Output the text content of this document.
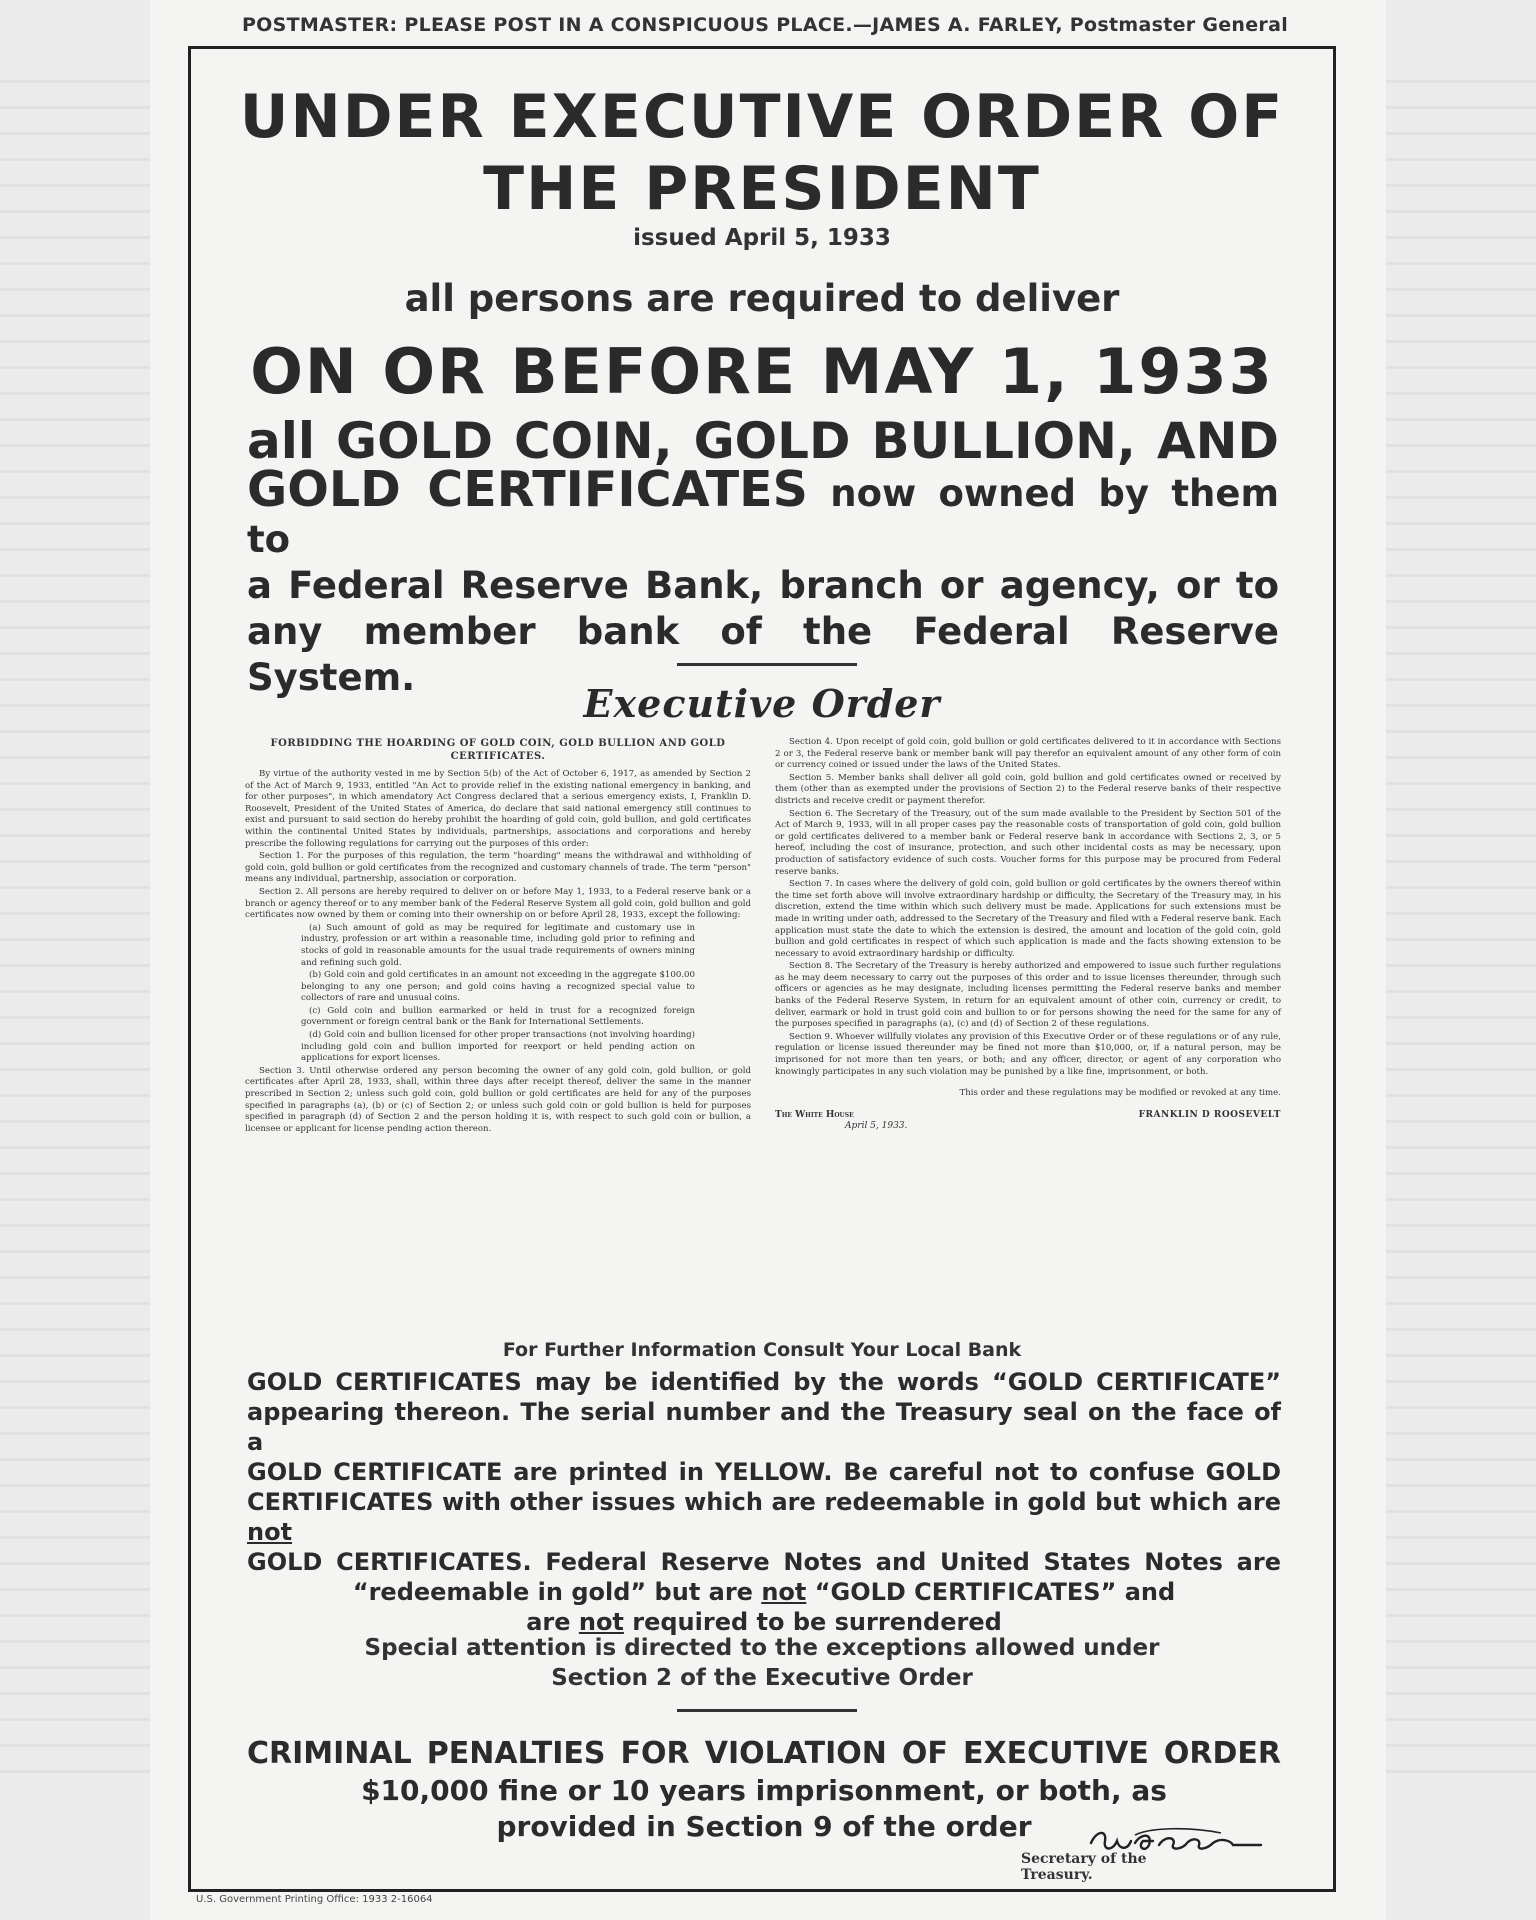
POSTMASTER: PLEASE POST IN A CONSPICUOUS PLACE.—JAMES A. FARLEY, Postmaster General
UNDER EXECUTIVE ORDER OF
THE PRESIDENT
issued April 5, 1933
all persons are required to deliver
ON OR BEFORE MAY 1, 1933
all GOLD COIN, GOLD BULLION, AND
GOLD CERTIFICATES now owned by them to
a Federal Reserve Bank, branch or agency, or to
any member bank of the Federal Reserve System.
Executive Order

FORBIDDING THE HOARDING OF GOLD COIN, GOLD BULLION AND GOLD CERTIFICATES.

By virtue of the authority vested in me by Section 5(b) of the Act of October 6, 1917, as amended by Section 2 of the Act of March 9, 1933, entitled "An Act to provide relief in the existing national emergency in banking, and for other purposes", in which amendatory Act Congress declared that a serious emergency exists, I, Franklin D. Roosevelt, President of the United States of America, do declare that said national emergency still continues to exist and pursuant to said section do hereby prohibit the hoarding of gold coin, gold bullion, and gold certificates within the continental United States by individuals, partnerships, associations and corporations and hereby prescribe the following regulations for carrying out the purposes of this order:

Section 1. For the purposes of this regulation, the term "hoarding" means the withdrawal and withholding of gold coin, gold bullion or gold certificates from the recognized and customary channels of trade. The term "person" means any individual, partnership, association or corporation.

Section 2. All persons are hereby required to deliver on or before May 1, 1933, to a Federal reserve bank or a branch or agency thereof or to any member bank of the Federal Reserve System all gold coin, gold bullion and gold certificates now owned by them or coming into their ownership on or before April 28, 1933, except the following:

(a) Such amount of gold as may be required for legitimate and customary use in industry, profession or art within a reasonable time, including gold prior to refining and stocks of gold in reasonable amounts for the usual trade requirements of owners mining and refining such gold.

(b) Gold coin and gold certificates in an amount not exceeding in the aggregate $100.00 belonging to any one person; and gold coins having a recognized special value to collectors of rare and unusual coins.

(c) Gold coin and bullion earmarked or held in trust for a recognized foreign government or foreign central bank or the Bank for International Settlements.

(d) Gold coin and bullion licensed for other proper transactions (not involving hoarding) including gold coin and bullion imported for reexport or held pending action on applications for export licenses.

Section 3. Until otherwise ordered any person becoming the owner of any gold coin, gold bullion, or gold certificates after April 28, 1933, shall, within three days after receipt thereof, deliver the same in the manner prescribed in Section 2; unless such gold coin, gold bullion or gold certificates are held for any of the purposes specified in paragraphs (a), (b) or (c) of Section 2; or unless such gold coin or gold bullion is held for purposes specified in paragraph (d) of Section 2 and the person holding it is, with respect to such gold coin or bullion, a licensee or applicant for license pending action thereon.

Section 4. Upon receipt of gold coin, gold bullion or gold certificates delivered to it in accordance with Sections 2 or 3, the Federal reserve bank or member bank will pay therefor an equivalent amount of any other form of coin or currency coined or issued under the laws of the United States.

Section 5. Member banks shall deliver all gold coin, gold bullion and gold certificates owned or received by them (other than as exempted under the provisions of Section 2) to the Federal reserve banks of their respective districts and receive credit or payment therefor.

Section 6. The Secretary of the Treasury, out of the sum made available to the President by Section 501 of the Act of March 9, 1933, will in all proper cases pay the reasonable costs of transportation of gold coin, gold bullion or gold certificates delivered to a member bank or Federal reserve bank in accordance with Sections 2, 3, or 5 hereof, including the cost of insurance, protection, and such other incidental costs as may be necessary, upon production of satisfactory evidence of such costs. Voucher forms for this purpose may be procured from Federal reserve banks.

Section 7. In cases where the delivery of gold coin, gold bullion or gold certificates by the owners thereof within the time set forth above will involve extraordinary hardship or difficulty, the Secretary of the Treasury may, in his discretion, extend the time within which such delivery must be made. Applications for such extensions must be made in writing under oath, addressed to the Secretary of the Treasury and filed with a Federal reserve bank. Each application must state the date to which the extension is desired, the amount and location of the gold coin, gold bullion and gold certificates in respect of which such application is made and the facts showing extension to be necessary to avoid extraordinary hardship or difficulty.

Section 8. The Secretary of the Treasury is hereby authorized and empowered to issue such further regulations as he may deem necessary to carry out the purposes of this order and to issue licenses thereunder, through such officers or agencies as he may designate, including licenses permitting the Federal reserve banks and member banks of the Federal Reserve System, in return for an equivalent amount of other coin, currency or credit, to deliver, earmark or hold in trust gold coin and bullion to or for persons showing the need for the same for any of the purposes specified in paragraphs (a), (c) and (d) of Section 2 of these regulations.

Section 9. Whoever willfully violates any provision of this Executive Order or of these regulations or of any rule, regulation or license issued thereunder may be fined not more than $10,000, or, if a natural person, may be imprisoned for not more than ten years, or both; and any officer, director, or agent of any corporation who knowingly participates in any such violation may be punished by a like fine, imprisonment, or both.

This order and these regulations may be modified or revoked at any time.

The White House
April 5, 1933.
FRANKLIN D ROOSEVELT
For Further Information Consult Your Local Bank
GOLD CERTIFICATES may be identified by the words “GOLD CERTIFICATE”
appearing thereon. The serial number and the Treasury seal on the face of a
GOLD CERTIFICATE are printed in YELLOW. Be careful not to confuse GOLD
CERTIFICATES with other issues which are redeemable in gold but which are not
GOLD CERTIFICATES. Federal Reserve Notes and United States Notes are
“redeemable in gold” but are not “GOLD CERTIFICATES” and
are not required to be surrendered
Special attention is directed to the exceptions allowed under
Section 2 of the Executive Order
CRIMINAL PENALTIES FOR VIOLATION OF EXECUTIVE ORDER
$10,000 fine or 10 years imprisonment, or both, as
provided in Section 9 of the order
Secretary of the Treasury.
U.S. Government Printing Office: 1933 2-16064
